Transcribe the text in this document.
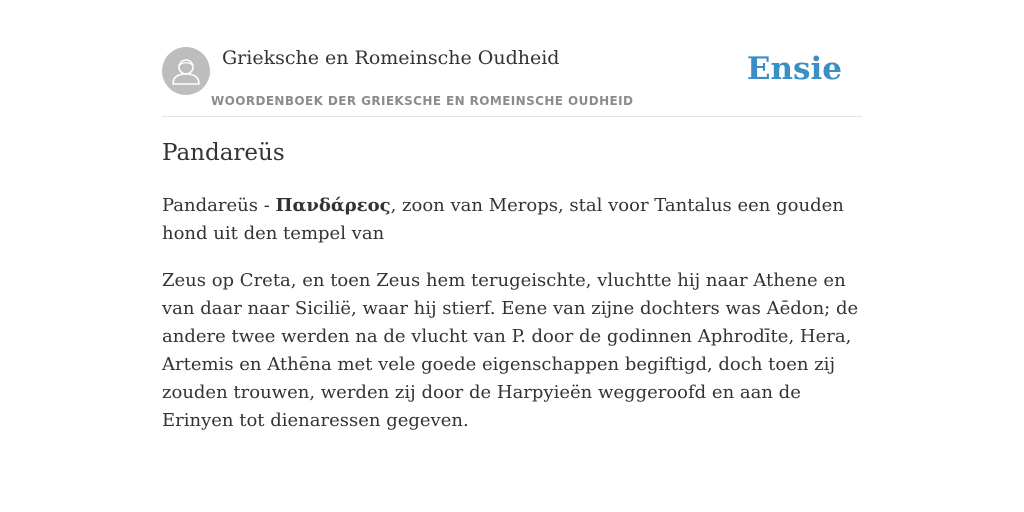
Grieksche en Romeinsche Oudheid
WOORDENBOEK DER GRIEKSCHE EN ROMEINSCHE OUDHEID
Ensie
Pandareüs

Pandareüs - Πανδάρεος, zoon van Merops, stal voor Tantalus een gouden hond uit den tempel van

Zeus op Creta, en toen Zeus hem terugeischte, vluchtte hij naar Athene en van daar naar Sicilië, waar hij stierf. Eene van zijne dochters was Aēdon; de andere twee werden na de vlucht van P. door de godinnen Aphrodīte, Hera, Artemis en Athēna met vele goede eigenschappen begiftigd, doch toen zij zouden trouwen, werden zij door de Harpyieën weggeroofd en aan de Erinyen tot dienaressen gegeven.
